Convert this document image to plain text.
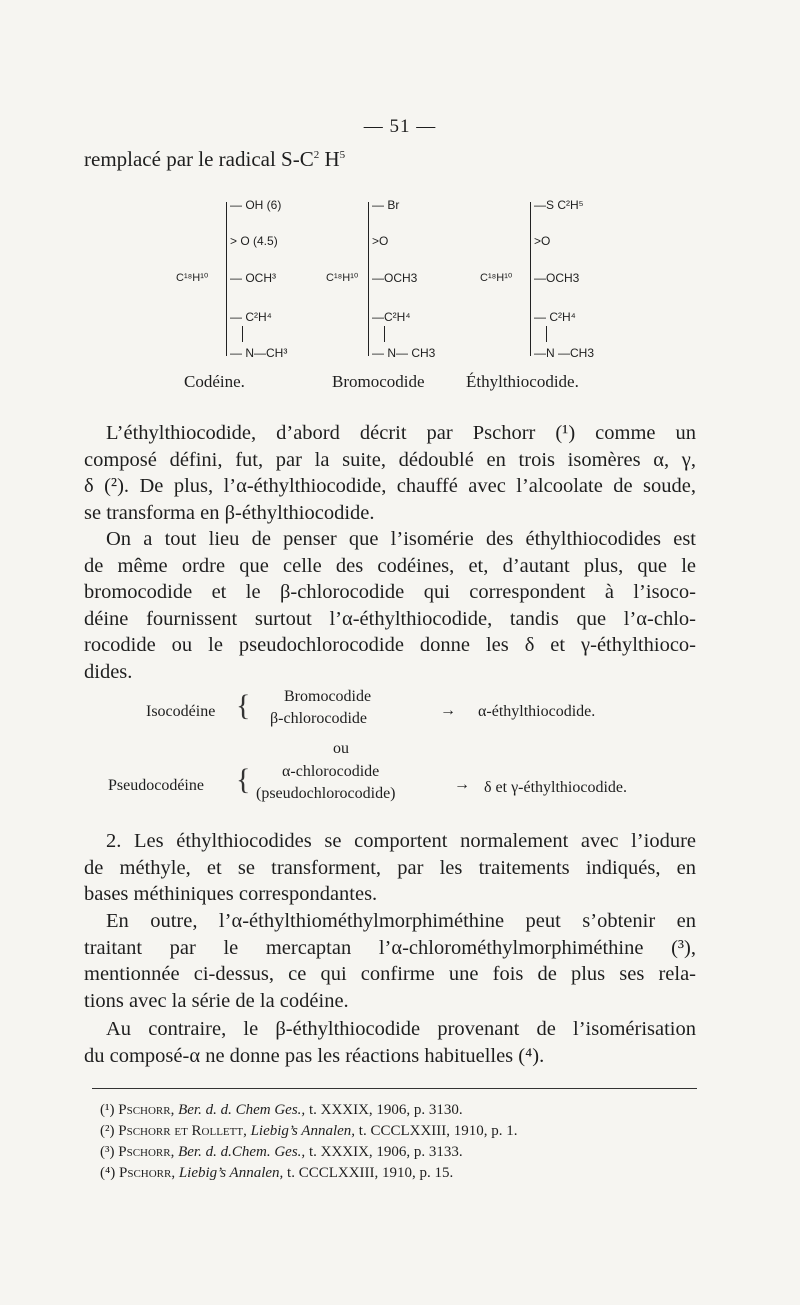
— 51 —
remplacé par le radical $S-C^2$ $H^5$
C¹⁸H¹⁰
— OH (6)
> O (4.5)
— OCH³
— C²H⁴
— N—CH³
Codéine.
C¹⁸H¹⁰
— Br
>O
—OCH3
—C²H⁴
— N— CH3
Bromocodide
C¹⁸H¹⁰
—S C²H⁵
>O
—OCH3
— C²H⁴
—N —CH3
Éthylthiocodide.
L’éthylthiocodide, d’abord décrit par Pschorr (¹) comme un
composé défini, fut, par la suite, dédoublé en trois isomères α, γ,
δ (²). De plus, l’α-éthylthiocodide, chauffé avec l’alcoolate de soude,
se transforma en β-éthylthiocodide.
On a tout lieu de penser que l’isomérie des éthylthiocodides est
de même ordre que celle des codéines, et, d’autant plus, que le
bromocodide et le β-chlorocodide qui correspondent à l’isoco-
déine fournissent surtout l’α-éthylthiocodide, tandis que l’α-chlo-
rocodide ou le pseudochlorocodide donne les δ et γ-éthylthioco-
dides.
Isocodéine { Bromocodide
β-chlorocodide	→ α-éthylthiocodide.
ou
Pseudocodéine { α-chlorocodide
(pseudochlorocodide)
→ δ et γ-éthylthiocodide.
2. Les éthylthiocodides se comportent normalement avec l’iodure
de méthyle, et se transforment, par les traitements indiqués, en
bases méthiniques correspondantes.
En outre, l’α-éthylthiométhylmorphiméthine peut s’obtenir en
traitant par le mercaptan l’α-chlorométhylmorphiméthine (³),
mentionnée ci-dessus, ce qui confirme une fois de plus ses rela-
tions avec la série de la codéine.
Au contraire, le β-éthylthiocodide provenant de l’isomérisation
du composé-α ne donne pas les réactions habituelles (⁴).
(¹) Pschorr, Ber. d. d. Chem Ges., t. XXXIX, 1906, p. 3130.
(²) Pschorr et Rollett, Liebig’s Annalen, t. CCCLXXIII, 1910, p. 1.
(³) Pschorr, Ber. d. d.Chem. Ges., t. XXXIX, 1906, p. 3133.
(⁴) Pschorr, Liebig’s Annalen, t. CCCLXXIII, 1910, p. 15.
